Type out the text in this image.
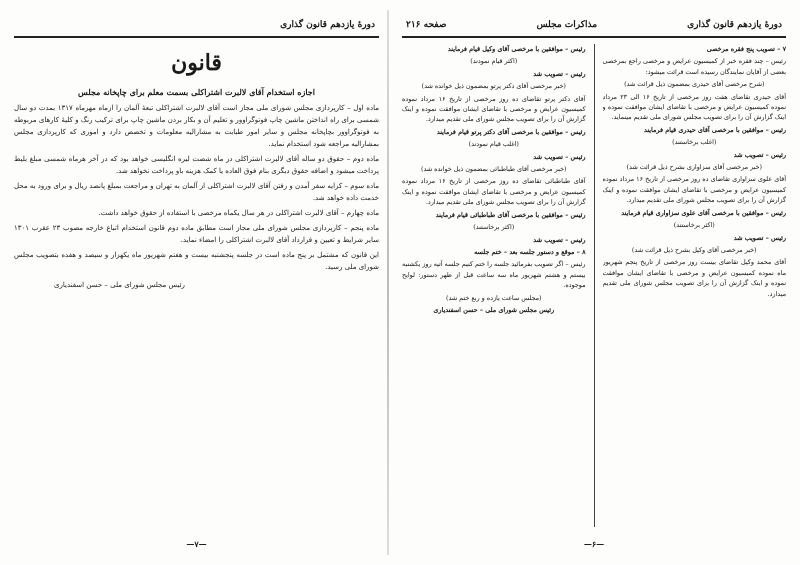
دورهٔ یازدهم قانون گذاری
قانون

اجازه استخدام آقای لالبرت اشتراکلی بسمت معلم برای چاپخانه مجلس

ماده اول – کارپردازی مجلس شورای ملی مجاز است آقای لالبرت اشتراکلی تبعهٔ آلمان را ازماه مهرماه ۱۳۱۷ بمدت دو سال شمسی برای راه انداختن ماشین چاپ فوتوگراوور و تعلیم آن و بکار بردن ماشین چاپ برای ترکیب رنگ و کلیهٔ کارهای مربوطه به فوتوگراوور بچاپخانه مجلس و سایر امور طبابت به مشارالیه معلومات و تخصص دارد و اموری که کارپردازی مجلس بمشارالیه مراجعه شود استخدام نماید.

ماده دوم – حقوق دو ساله آقای لالبرت اشتراکلی در ماه شصت لیره انگلیسی خواهد بود که در آخر هرماه شمسی مبلغ بلیط پرداخت میشود و اضافه حقوق دیگری بنام فوق العاده یا کمک هزینه باو پرداخت نخواهد شد.

ماده سوم – کرایه سفر آمدن و رفتن آقای لالبرت اشتراکلی از آلمان به تهران و مراجعت بمبلغ پانصد ریال و برای ورود به محل خدمت داده خواهد شد.

ماده چهارم – آقای لالبرت اشتراکلی در هر سال یکماه مرخصی با استفاده از حقوق خواهد داشت.

ماده پنجم – کارپردازی مجلس شورای ملی مجاز است مطابق ماده دوم قانون استخدام اتباع خارجه مصوب ۲۳ عقرب ۱۳۰۱ سایر شرایط و تعیین و قرارداد آقای لالبرت اشتراکلی را امضاء نماید.

این قانون که مشتمل بر پنج ماده است در جلسه پنجشنبه بیست و هفتم شهریور ماه یکهزار و سیصد و هفده بتصویب مجلس شورای ملی رسید.

رئیس مجلس شورای ملی – حسن اسفندیاری
—۷—
دورهٔ یازدهم قانون گذاری
مذاکرات مجلس
صفحه ۲۱۶

۷ – تصویب پنج فقره مرخصی

رئیس – چند فقره خبر از کمیسیون عرایض و مرخصی راجع بمرخصی بعضی از آقایان نمایندگان رسیده است قرائت میشود:

(شرح مرخصی آقای حیدری بمضمون ذیل قرائت شد)

آقای حیدری تقاضای هفت روز مرخصی از تاریخ ۱۶ الی ۲۳ مرداد نموده کمیسیون عرایض و مرخصی با تقاضای ایشان موافقت نموده و اینک گزارش آن را برای تصویب مجلس شورای ملی تقدیم مینماید.

رئیس – موافقین با مرخصی آقای حیدری قیام فرمایند

(اغلب برخاستند)

رئیس – تصویب شد

(خبر مرخصی آقای سزاواری بشرح ذیل قرائت شد)

آقای علوی سزاواری تقاضای ده روز مرخصی از تاریخ ۱۶ مرداد نموده کمیسیون عرایض و مرخصی با تقاضای ایشان موافقت نموده و اینک گزارش آن را برای تصویب مجلس شورای ملی تقدیم میدارد.

رئیس – موافقین با مرخصی آقای علوی سزاواری قیام فرمایند

(اکثر برخاستند)

رئیس – تصویب شد

(خبر مرخصی آقای وکیل بشرح ذیل قرائت شد)

آقای محمد وکیل تقاضای بیست روز مرخصی از تاریخ پنجم شهریور ماه نموده کمیسیون عرایض و مرخصی با تقاضای ایشان موافقت نموده و اینک گزارش آن را برای تصویب مجلس شورای ملی تقدیم میدارد.

رئیس – موافقین با مرخصی آقای وکیل قیام فرمایند

(اکثر قیام نمودند)

رئیس – تصویب شد

(خبر مرخصی آقای دکتر پرتو بمضمون ذیل خوانده شد)

آقای دکتر پرتو تقاضای ده روز مرخصی از تاریخ ۱۶ مرداد نموده کمیسیون عرایض و مرخصی با تقاضای ایشان موافقت نموده و اینک گزارش آن را برای تصویب مجلس شورای ملی تقدیم میدارد.

رئیس – موافقین با مرخصی آقای دکتر پرتو قیام فرمایند

(اغلب قیام نمودند)

رئیس – تصویب شد

(خبر مرخصی آقای طباطبائی بمضمون ذیل خوانده شد)

آقای طباطبائی تقاضای ده روز مرخصی از تاریخ ۱۶ مرداد نموده کمیسیون عرایض و مرخصی با تقاضای ایشان موافقت نموده و اینک گزارش آن را برای تصویب مجلس شورای ملی تقدیم میدارد.

رئیس – موافقین با مرخصی آقای طباطبائی قیام فرمایند

(اکثر برخاستند)

رئیس – تصویب شد

۸ – موقع و دستور جلسه بعد – ختم جلسه

رئیس – اگر تصویب بفرمائید جلسه را ختم کنیم جلسه آتیه روز یکشنبه بیستم و هشتم شهریور ماه سه ساعت قبل از ظهر دستور: لوایح موجوده.

(مجلس ساعت یازده و ربع ختم شد)

رئیس مجلس شورای ملی – حسن اسفندیاری

—۶—
